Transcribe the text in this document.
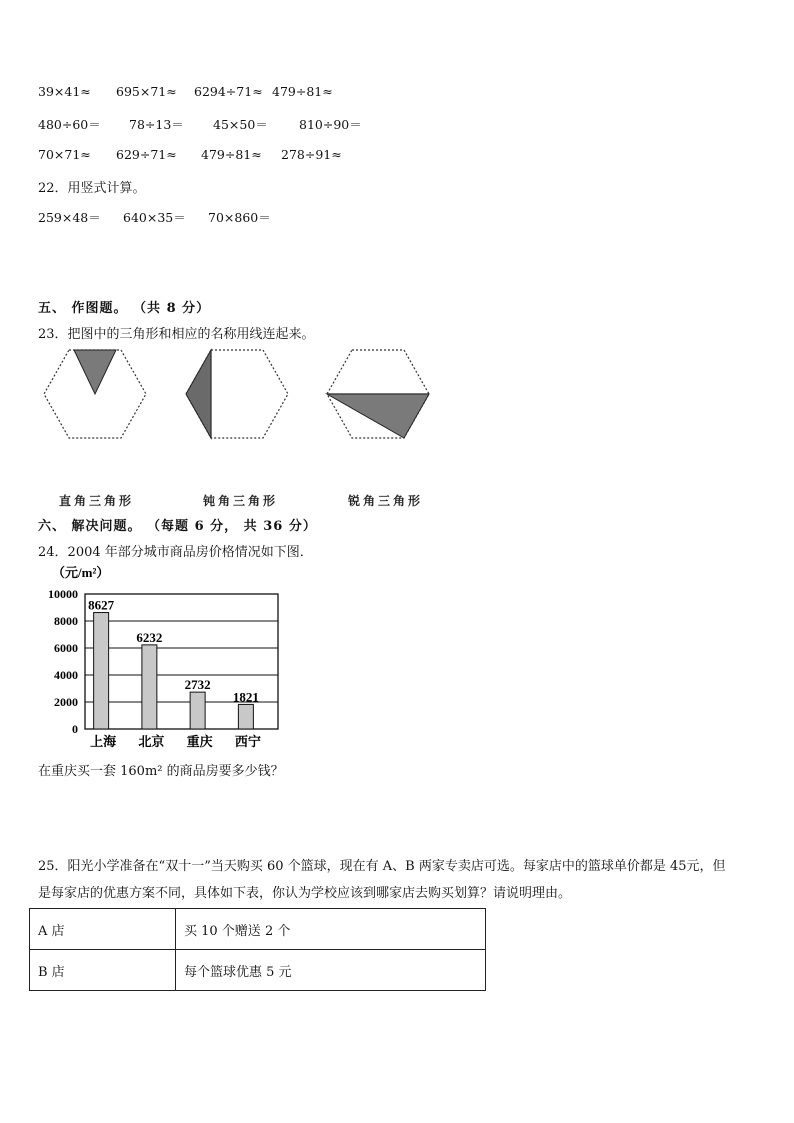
39×41≈ 695×71≈ 6294÷71≈ 479÷81≈
480÷60＝ 78÷13＝ 45×50＝ 810÷90＝
70×71≈ 629÷71≈ 479÷81≈ 278÷91≈
22．用竖式计算。
259×48＝ 640×35＝ 70×860＝
五、 作图题。 （共 8 分）
23．把图中的三角形和相应的名称用线连起来。
直角三角形	钝角三角形	锐角三角形
六、 解决问题。 （每题 6 分， 共 36 分）
24．2004 年部分城市商品房价格情况如下图．
（元/m²）
10000
8000
6000
4000
2000
0
8627
6232
2732
1821
上海 北京 重庆 西宁
在重庆买一套 160m² 的商品房要多少钱？
25．阳光小学准备在“双十一”当天购买 60 个篮球，现在有 A、B 两家专卖店可选。每家店中的篮球单价都是 45元，但
是每家店的优惠方案不同，具体如下表，你认为学校应该到哪家店去购买划算？请说明理由。
A 店	买 10 个赠送 2 个
B 店	每个篮球优惠 5 元
